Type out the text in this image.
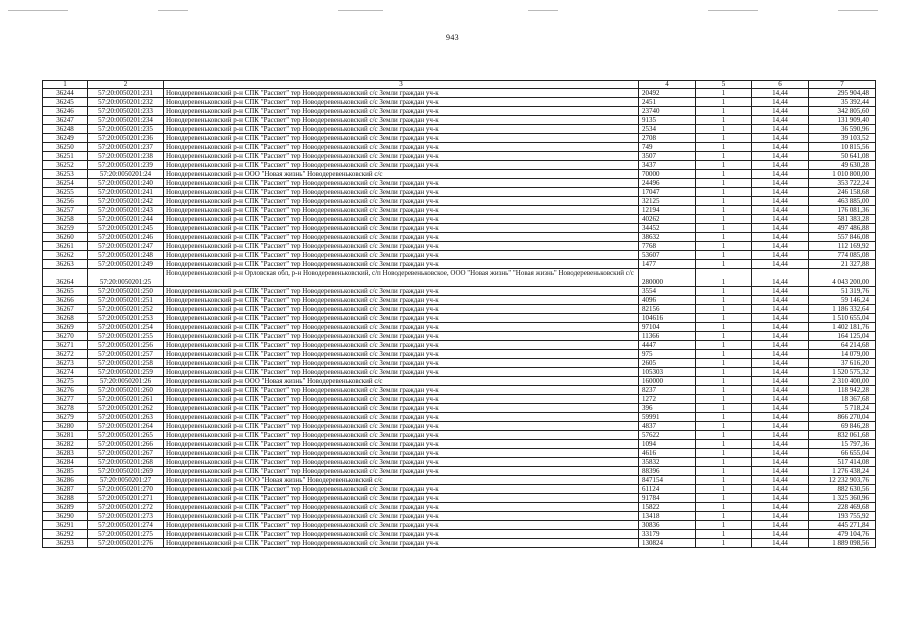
943
1	2	3	4	5	6	7
36244	57:20:0050201:231	Новодеревеньковский р-н СПК "Рассвет" тер Новодеревеньковский с/с Земли граждан уч-к	20492	1	14,44	295 904,48
36245	57:20:0050201:232	Новодеревеньковский р-н СПК "Рассвет" тер Новодеревеньковский с/с Земли граждан уч-к	2451	1	14,44	35 392,44
36246	57:20:0050201:233	Новодеревеньковский р-н СПК "Рассвет" тер Новодеревеньковский с/с Земли граждан уч-к	23740	1	14,44	342 805,60
36247	57:20:0050201:234	Новодеревеньковский р-н СПК "Рассвет" тер Новодеревеньковский с/с Земли граждан уч-к	9135	1	14,44	131 909,40
36248	57:20:0050201:235	Новодеревеньковский р-н СПК "Рассвет" тер Новодеревеньковский с/с Земли граждан уч-к	2534	1	14,44	36 590,96
36249	57:20:0050201:236	Новодеревеньковский р-н СПК "Рассвет" тер Новодеревеньковский с/с Земли граждан уч-к	2708	1	14,44	39 103,52
36250	57:20:0050201:237	Новодеревеньковский р-н СПК "Рассвет" тер Новодеревеньковский с/с Земли граждан уч-к	749	1	14,44	10 815,56
36251	57:20:0050201:238	Новодеревеньковский р-н СПК "Рассвет" тер Новодеревеньковский с/с Земли граждан уч-к	3507	1	14,44	50 641,08
36252	57:20:0050201:239	Новодеревеньковский р-н СПК "Рассвет" тер Новодеревеньковский с/с Земли граждан уч-к	3437	1	14,44	49 630,28
36253	57:20:0050201:24	Новодеревеньковский р-н ООО "Новая жизнь" Новодеревеньковский с/с	70000	1	14,44	1 010 800,00
36254	57:20:0050201:240	Новодеревеньковский р-н СПК "Рассвет" тер Новодеревеньковский с/с Земли граждан уч-к	24496	1	14,44	353 722,24
36255	57:20:0050201:241	Новодеревеньковский р-н СПК "Рассвет" тер Новодеревеньковский с/с Земли граждан уч-к	17047	1	14,44	246 158,68
36256	57:20:0050201:242	Новодеревеньковский р-н СПК "Рассвет" тер Новодеревеньковский с/с Земли граждан уч-к	32125	1	14,44	463 885,00
36257	57:20:0050201:243	Новодеревеньковский р-н СПК "Рассвет" тер Новодеревеньковский с/с Земли граждан уч-к	12194	1	14,44	176 081,36
36258	57:20:0050201:244	Новодеревеньковский р-н СПК "Рассвет" тер Новодеревеньковский с/с Земли граждан уч-к	40262	1	14,44	581 383,28
36259	57:20:0050201:245	Новодеревеньковский р-н СПК "Рассвет" тер Новодеревеньковский с/с Земли граждан уч-к	34452	1	14,44	497 486,88
36260	57:20:0050201:246	Новодеревеньковский р-н СПК "Рассвет" тер Новодеревеньковский с/с Земли граждан уч-к	38632	1	14,44	557 846,08
36261	57:20:0050201:247	Новодеревеньковский р-н СПК "Рассвет" тер Новодеревеньковский с/с Земли граждан уч-к	7768	1	14,44	112 169,92
36262	57:20:0050201:248	Новодеревеньковский р-н СПК "Рассвет" тер Новодеревеньковский с/с Земли граждан уч-к	53607	1	14,44	774 085,08
36263	57:20:0050201:249	Новодеревеньковский р-н СПК "Рассвет" тер Новодеревеньковский с/с Земли граждан уч-к	1477	1	14,44	21 327,88
36264	57:20:0050201:25	Новодеревеньковский р-н Орловская обл, р-н Новодеревеньковский, с/п Новодеревеньковское, ООО "Новая жизнь" "Новая жизнь" Новодеревеньковский с/с	280000	1	14,44	4 043 200,00
36265	57:20:0050201:250	Новодеревеньковский р-н СПК "Рассвет" тер Новодеревеньковский с/с Земли граждан уч-к	3554	1	14,44	51 319,76
36266	57:20:0050201:251	Новодеревеньковский р-н СПК "Рассвет" тер Новодеревеньковский с/с Земли граждан уч-к	4096	1	14,44	59 146,24
36267	57:20:0050201:252	Новодеревеньковский р-н СПК "Рассвет" тер Новодеревеньковский с/с Земли граждан уч-к	82156	1	14,44	1 186 332,64
36268	57:20:0050201:253	Новодеревеньковский р-н СПК "Рассвет" тер Новодеревеньковский с/с Земли граждан уч-к	104616	1	14,44	1 510 655,04
36269	57:20:0050201:254	Новодеревеньковский р-н СПК "Рассвет" тер Новодеревеньковский с/с Земли граждан уч-к	97104	1	14,44	1 402 181,76
36270	57:20:0050201:255	Новодеревеньковский р-н СПК "Рассвет" тер Новодеревеньковский с/с Земли граждан уч-к	11366	1	14,44	164 125,04
36271	57:20:0050201:256	Новодеревеньковский р-н СПК "Рассвет" тер Новодеревеньковский с/с Земли граждан уч-к	4447	1	14,44	64 214,68
36272	57:20:0050201:257	Новодеревеньковский р-н СПК "Рассвет" тер Новодеревеньковский с/с Земли граждан уч-к	975	1	14,44	14 079,00
36273	57:20:0050201:258	Новодеревеньковский р-н СПК "Рассвет" тер Новодеревеньковский с/с Земли граждан уч-к	2605	1	14,44	37 616,20
36274	57:20:0050201:259	Новодеревеньковский р-н СПК "Рассвет" тер Новодеревеньковский с/с Земли граждан уч-к	105303	1	14,44	1 520 575,32
36275	57:20:0050201:26	Новодеревеньковский р-н ООО "Новая жизнь" Новодеревеньковский с/с	160000	1	14,44	2 310 400,00
36276	57:20:0050201:260	Новодеревеньковский р-н СПК "Рассвет" тер Новодеревеньковский с/с Земли граждан уч-к	8237	1	14,44	118 942,28
36277	57:20:0050201:261	Новодеревеньковский р-н СПК "Рассвет" тер Новодеревеньковский с/с Земли граждан уч-к	1272	1	14,44	18 367,68
36278	57:20:0050201:262	Новодеревеньковский р-н СПК "Рассвет" тер Новодеревеньковский с/с Земли граждан уч-к	396	1	14,44	5 718,24
36279	57:20:0050201:263	Новодеревеньковский р-н СПК "Рассвет" тер Новодеревеньковский с/с Земли граждан уч-к	59991	1	14,44	866 270,04
36280	57:20:0050201:264	Новодеревеньковский р-н СПК "Рассвет" тер Новодеревеньковский с/с Земли граждан уч-к	4837	1	14,44	69 846,28
36281	57:20:0050201:265	Новодеревеньковский р-н СПК "Рассвет" тер Новодеревеньковский с/с Земли граждан уч-к	57622	1	14,44	832 061,68
36282	57:20:0050201:266	Новодеревеньковский р-н СПК "Рассвет" тер Новодеревеньковский с/с Земли граждан уч-к	1094	1	14,44	15 797,36
36283	57:20:0050201:267	Новодеревеньковский р-н СПК "Рассвет" тер Новодеревеньковский с/с Земли граждан уч-к	4616	1	14,44	66 655,04
36284	57:20:0050201:268	Новодеревеньковский р-н СПК "Рассвет" тер Новодеревеньковский с/с Земли граждан уч-к	35832	1	14,44	517 414,08
36285	57:20:0050201:269	Новодеревеньковский р-н СПК "Рассвет" тер Новодеревеньковский с/с Земли граждан уч-к	88396	1	14,44	1 276 438,24
36286	57:20:0050201:27	Новодеревеньковский р-н ООО "Новая жизнь" Новодеревеньковский с/с	847154	1	14,44	12 232 903,76
36287	57:20:0050201:270	Новодеревеньковский р-н СПК "Рассвет" тер Новодеревеньковский с/с Земли граждан уч-к	61124	1	14,44	882 630,56
36288	57:20:0050201:271	Новодеревеньковский р-н СПК "Рассвет" тер Новодеревеньковский с/с Земли граждан уч-к	91784	1	14,44	1 325 360,96
36289	57:20:0050201:272	Новодеревеньковский р-н СПК "Рассвет" тер Новодеревеньковский с/с Земли граждан уч-к	15822	1	14,44	228 469,68
36290	57:20:0050201:273	Новодеревеньковский р-н СПК "Рассвет" тер Новодеревеньковский с/с Земли граждан уч-к	13418	1	14,44	193 755,92
36291	57:20:0050201:274	Новодеревеньковский р-н СПК "Рассвет" тер Новодеревеньковский с/с Земли граждан уч-к	30836	1	14,44	445 271,84
36292	57:20:0050201:275	Новодеревеньковский р-н СПК "Рассвет" тер Новодеревеньковский с/с Земли граждан уч-к	33179	1	14,44	479 104,76
36293	57:20:0050201:276	Новодеревеньковский р-н СПК "Рассвет" тер Новодеревеньковский с/с Земли граждан уч-к	130824	1	14,44	1 889 098,56
